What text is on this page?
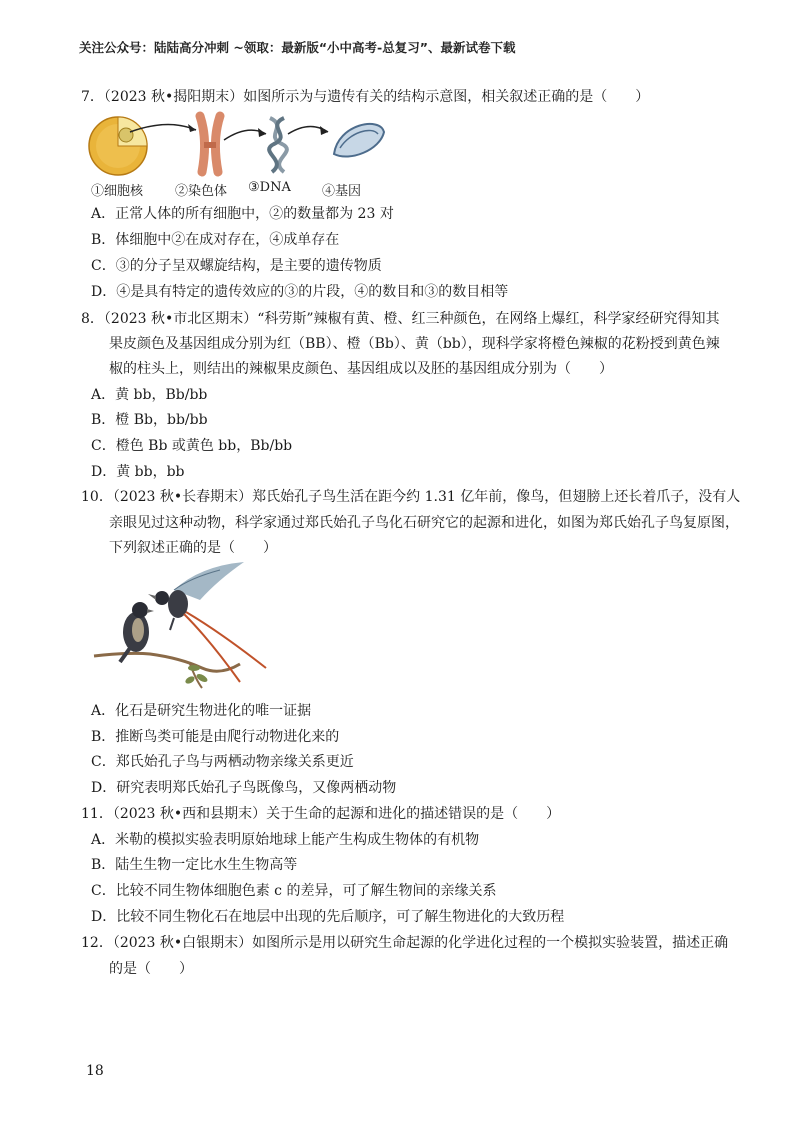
关注公众号：陆陆高分冲刺 ~领取：最新版“小中高考-总复习”、最新试卷下载
7．（2023 秋•揭阳期末）如图所示为与遗传有关的结构示意图，相关叙述正确的是（　　）
①细胞核 ②染色体 ③DNA ④基因
A．正常人体的所有细胞中，②的数量都为 23 对
B．体细胞中②在成对存在，④成单存在
C．③的分子呈双螺旋结构，是主要的遗传物质
D．④是具有特定的遗传效应的③的片段，④的数目和③的数目相等
8．（2023 秋•市北区期末）“科劳斯”辣椒有黄、橙、红三种颜色，在网络上爆红，科学家经研究得知其
果皮颜色及基因组成分别为红（BB）、橙（Bb）、黄（bb），现科学家将橙色辣椒的花粉授到黄色辣
椒的柱头上，则结出的辣椒果皮颜色、基因组成以及胚的基因组成分别为（　　）
A．黄 bb，Bb/bb
B．橙 Bb，bb/bb
C．橙色 Bb 或黄色 bb，Bb/bb
D．黄 bb，bb
10．（2023 秋•长春期末）郑氏始孔子鸟生活在距今约 1.31 亿年前，像鸟，但翅膀上还长着爪子，没有人
亲眼见过这种动物，科学家通过郑氏始孔子鸟化石研究它的起源和进化，如图为郑氏始孔子鸟复原图，
下列叙述正确的是（　　）
A．化石是研究生物进化的唯一证据
B．推断鸟类可能是由爬行动物进化来的
C．郑氏始孔子鸟与两栖动物亲缘关系更近
D．研究表明郑氏始孔子鸟既像鸟，又像两栖动物
11．（2023 秋•西和县期末）关于生命的起源和进化的描述错误的是（　　）
A．米勒的模拟实验表明原始地球上能产生构成生物体的有机物
B．陆生生物一定比水生生物高等
C．比较不同生物体细胞色素 c 的差异，可了解生物间的亲缘关系
D．比较不同生物化石在地层中出现的先后顺序，可了解生物进化的大致历程
12．（2023 秋•白银期末）如图所示是用以研究生命起源的化学进化过程的一个模拟实验装置，描述正确
的是（　　）
18
